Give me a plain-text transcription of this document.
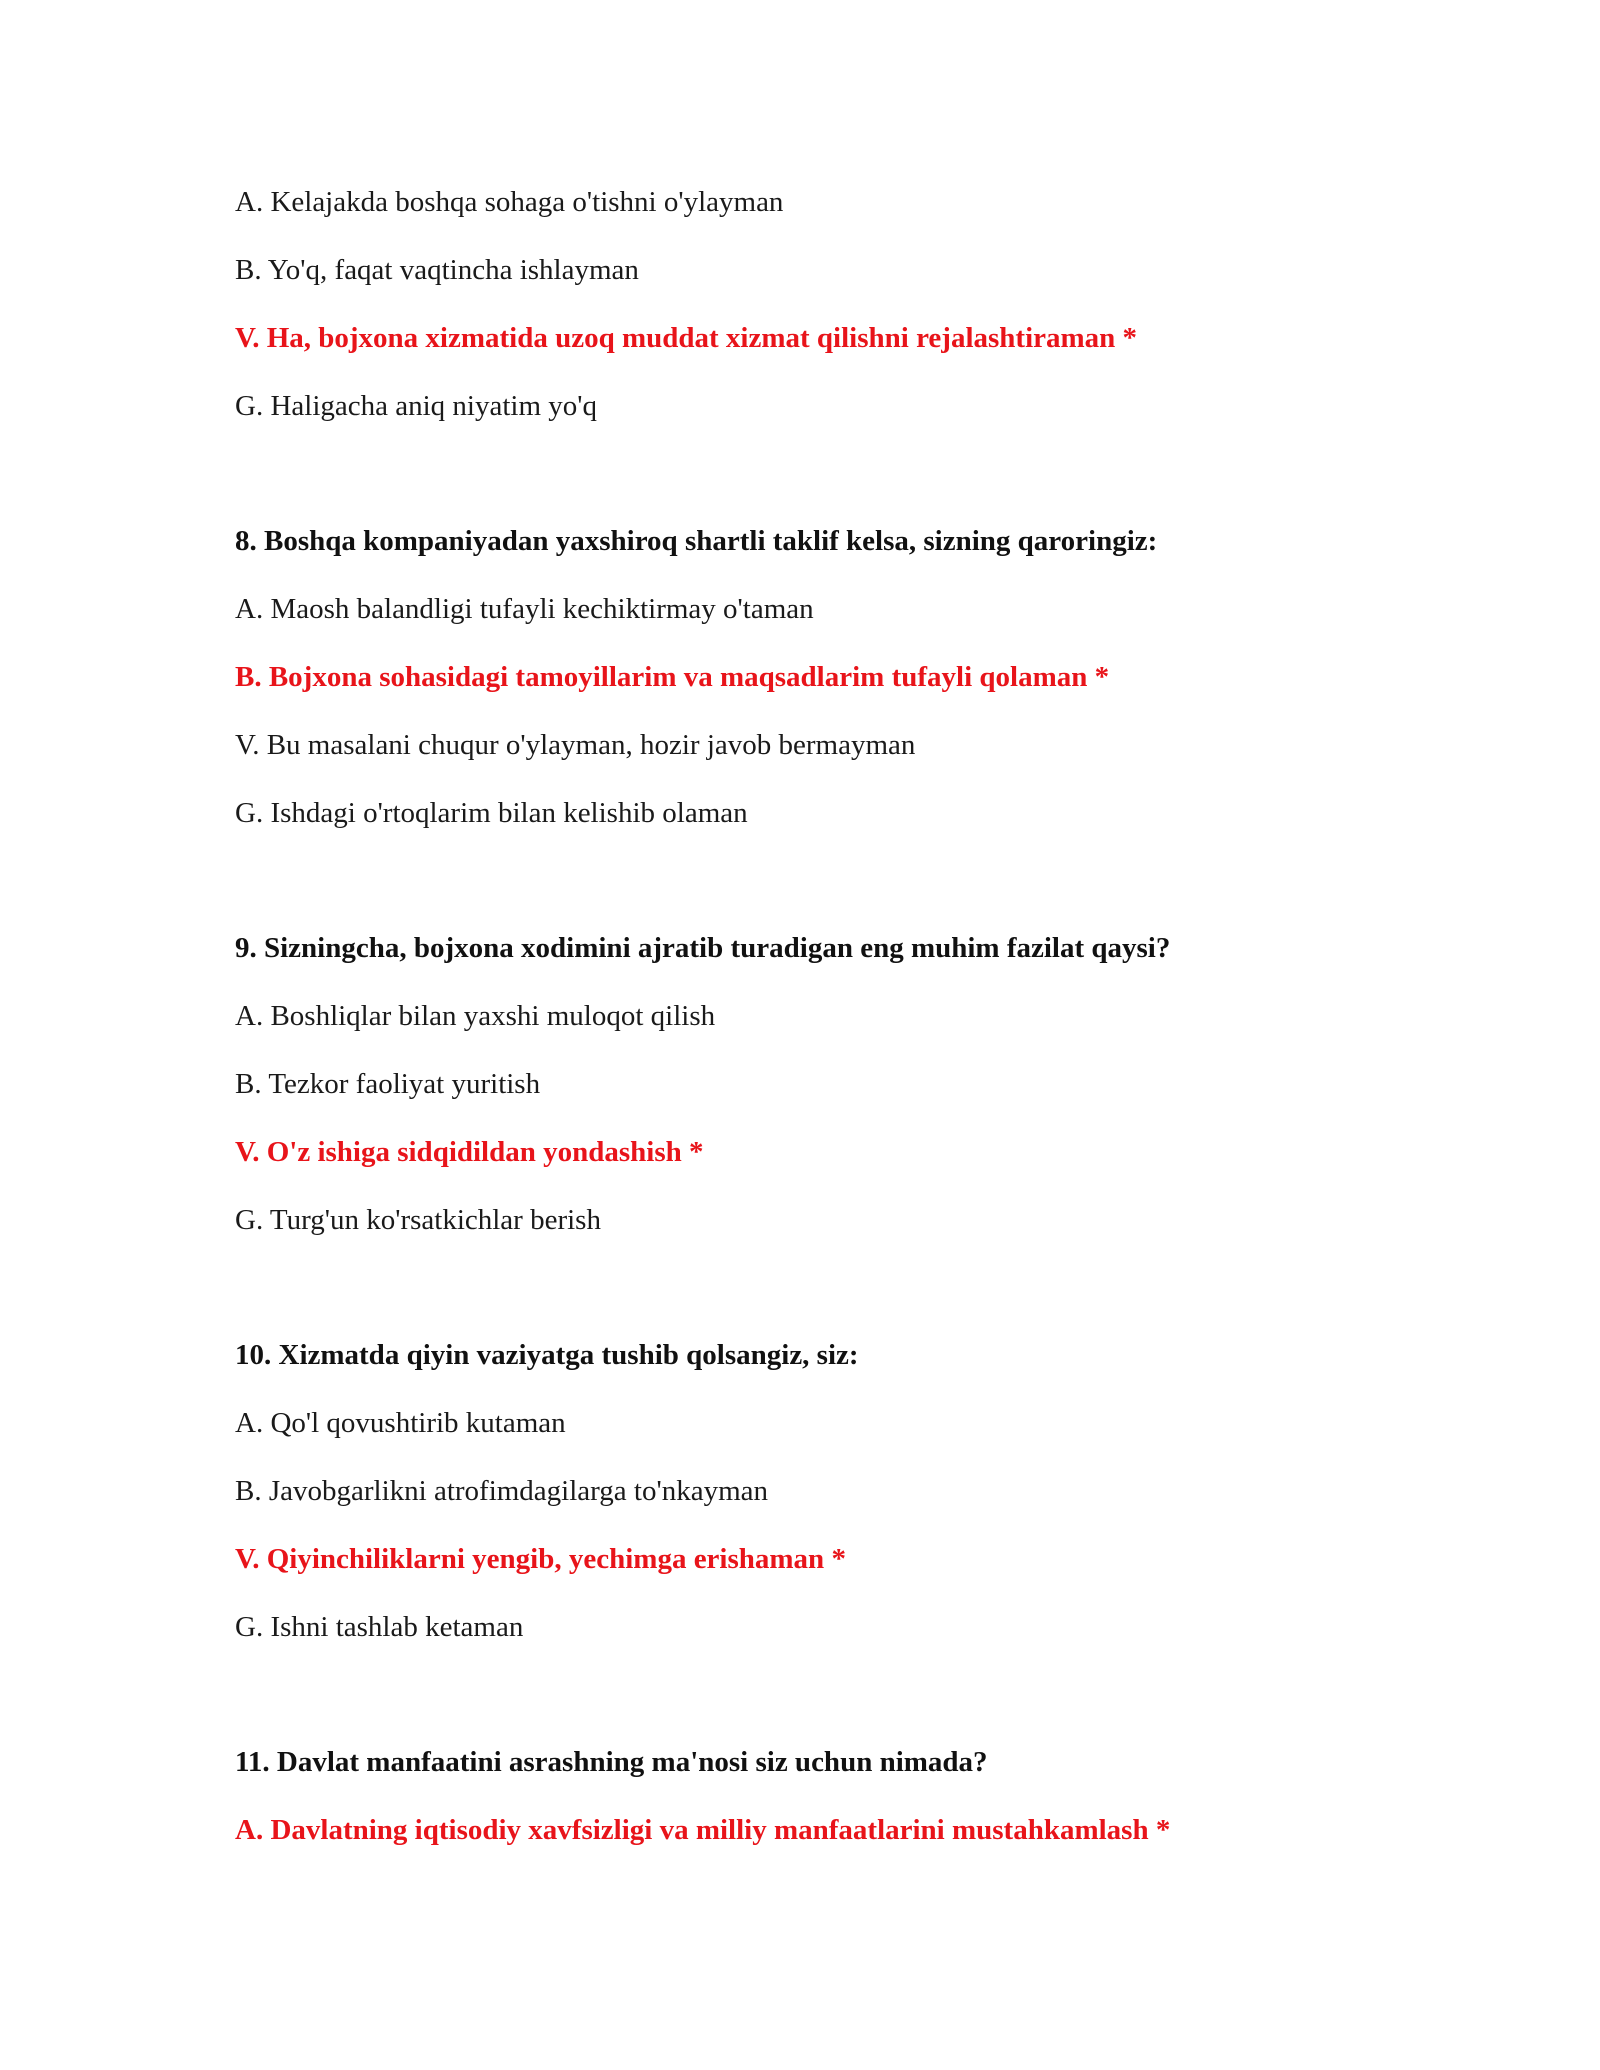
A. Kelajakda boshqa sohaga o'tishni o'ylayman
B. Yo'q, faqat vaqtincha ishlayman
V. Ha, bojxona xizmatida uzoq muddat xizmat qilishni rejalashtiraman *
G. Haligacha aniq niyatim yo'q
8. Boshqa kompaniyadan yaxshiroq shartli taklif kelsa, sizning qaroringiz:
A. Maosh balandligi tufayli kechiktirmay o'taman
B. Bojxona sohasidagi tamoyillarim va maqsadlarim tufayli qolaman *
V. Bu masalani chuqur o'ylayman, hozir javob bermayman
G. Ishdagi o'rtoqlarim bilan kelishib olaman
9. Sizningcha, bojxona xodimini ajratib turadigan eng muhim fazilat qaysi?
A. Boshliqlar bilan yaxshi muloqot qilish
B. Tezkor faoliyat yuritish
V. O'z ishiga sidqidildan yondashish *
G. Turg'un ko'rsatkichlar berish
10. Xizmatda qiyin vaziyatga tushib qolsangiz, siz:
A. Qo'l qovushtirib kutaman
B. Javobgarlikni atrofimdagilarga to'nkayman
V. Qiyinchiliklarni yengib, yechimga erishaman *
G. Ishni tashlab ketaman
11. Davlat manfaatini asrashning ma'nosi siz uchun nimada?
A. Davlatning iqtisodiy xavfsizligi va milliy manfaatlarini mustahkamlash *
